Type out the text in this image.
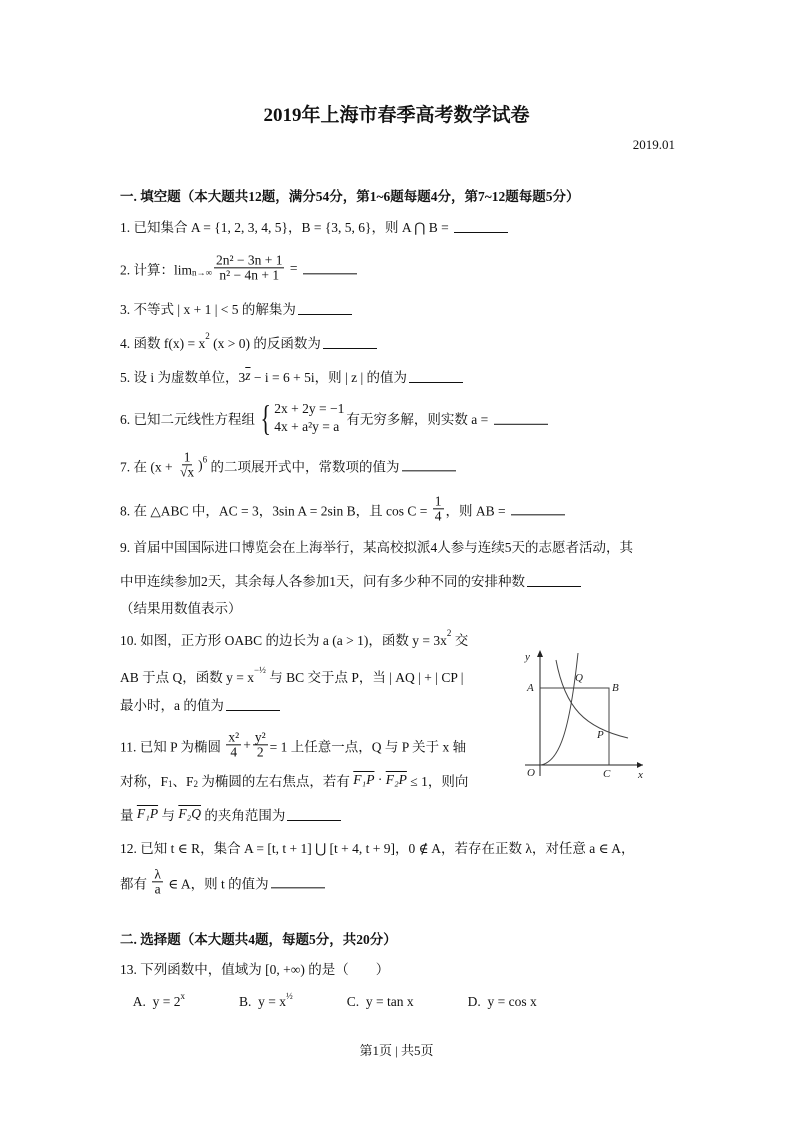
2019年上海市春季高考数学试卷
2019.01
一. 填空题（本大题共12题，满分54分，第1~6题每题4分，第7~12题每题5分）
1. 已知集合 A = {1, 2, 3, 4, 5}，B = {3, 5, 6}，则 A ⋂ B =
2. 计算：$\lim n\to\infty \frac{\text{2n² − 3n + 1}}{\text{n² − 4n + 1}}$ =
3. 不等式 | x + 1 | < 5 的解集为
4. 函数 f(x) = x 2 (x > 0) 的反函数为
5. 设 i 为虚数单位，3 $\overline{z} - i = 6 + 5i$，则 | z | 的值为
6. 已知二元线性方程组 { 2x + 2y = −1
4x + a²y = a 有无穷多解，则实数 a =
7. 在 ($x + \frac{1}{√x}$ ) 6 的二项展开式中，常数项的值为
8. 在 △ABC 中，AC = 3，3sin A = 2sin B，且 $\cos C = \frac{1}{4}$ ，则 AB =
9. 首届中国国际进口博览会在上海举行，某高校拟派4人参与连续5天的志愿者活动，其
中甲连续参加2天，其余每人各参加1天，问有多少种不同的安排种数
（结果用数值表示）
10. 如图，正方形 OABC 的边长为 a (a > 1)，函数 y = 3x 2 交
AB 于点 Q，函数 y = x −½ 与 BC 交于点 P，当 | AQ | + | CP |
最小时，a 的值为
11. 已知 P 为椭圆 $\frac{\text{x²}}{4} + \frac{\text{y²}}{2} = 1$ 上任意一点，Q 与 P 关于 x 轴
对称，F 1 、F 2 为椭圆的左右焦点，若有 F₁P · F₂P ≤ 1，则向
量 F₁P 与 F₂Q 的夹角范围为
12. 已知 t ∈ R，集合 A = [t, t + 1] ⋃ [t + 4, t + 9]，0 ∉ A，若存在正数 λ，对任意 a ∈ A，
都有 $\frac{\lambda}{a}$ ∈ A，则 t 的值为
二. 选择题（本大题共4题，每题5分，共20分）
13. 下列函数中，值域为 [0, +∞) 的是（　　）
A.  y = 2 x B.  y = x ½ C.  y = tan x                D.  y = cos x
y
x
O
A	B
C
P
Q
第1页 | 共5页
